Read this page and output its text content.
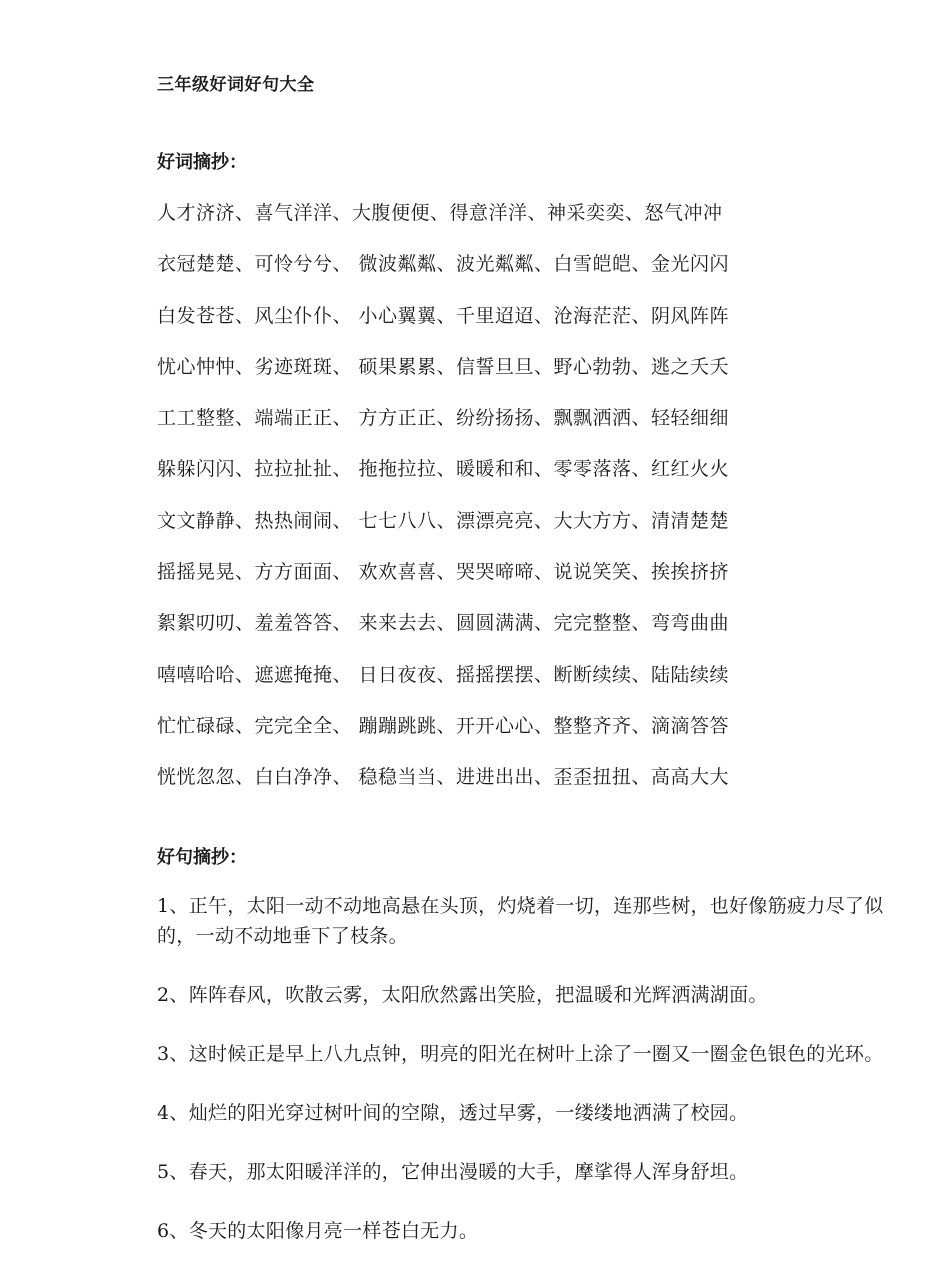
三年级好词好句大全
好词摘抄：
人才济济、喜气洋洋、大腹便便、得意洋洋、神采奕奕、怒气冲冲
衣冠楚楚、可怜兮兮、 微波粼粼、波光粼粼、白雪皑皑、金光闪闪
白发苍苍、风尘仆仆、 小心翼翼、千里迢迢、沧海茫茫、阴风阵阵
忧心忡忡、劣迹斑斑、 硕果累累、信誓旦旦、野心勃勃、逃之夭夭
工工整整、端端正正、 方方正正、纷纷扬扬、飘飘洒洒、轻轻细细
躲躲闪闪、拉拉扯扯、 拖拖拉拉、暖暖和和、零零落落、红红火火
文文静静、热热闹闹、 七七八八、漂漂亮亮、大大方方、清清楚楚
摇摇晃晃、方方面面、 欢欢喜喜、哭哭啼啼、说说笑笑、挨挨挤挤
絮絮叨叨、羞羞答答、 来来去去、圆圆满满、完完整整、弯弯曲曲
嘻嘻哈哈、遮遮掩掩、 日日夜夜、摇摇摆摆、断断续续、陆陆续续
忙忙碌碌、完完全全、 蹦蹦跳跳、开开心心、整整齐齐、滴滴答答
恍恍忽忽、白白净净、 稳稳当当、进进出出、歪歪扭扭、高高大大
好句摘抄：
1、正午，太阳一动不动地高悬在头顶，灼烧着一切，连那些树，也好像筋疲力尽了似的，一动不动地垂下了枝条。
2、阵阵春风，吹散云雾，太阳欣然露出笑脸，把温暖和光辉洒满湖面。
3、这时候正是早上八九点钟，明亮的阳光在树叶上涂了一圈又一圈金色银色的光环。
4、灿烂的阳光穿过树叶间的空隙，透过早雾，一缕缕地洒满了校园。
5、春天，那太阳暖洋洋的，它伸出漫暖的大手，摩挲得人浑身舒坦。
6、冬天的太阳像月亮一样苍白无力。
